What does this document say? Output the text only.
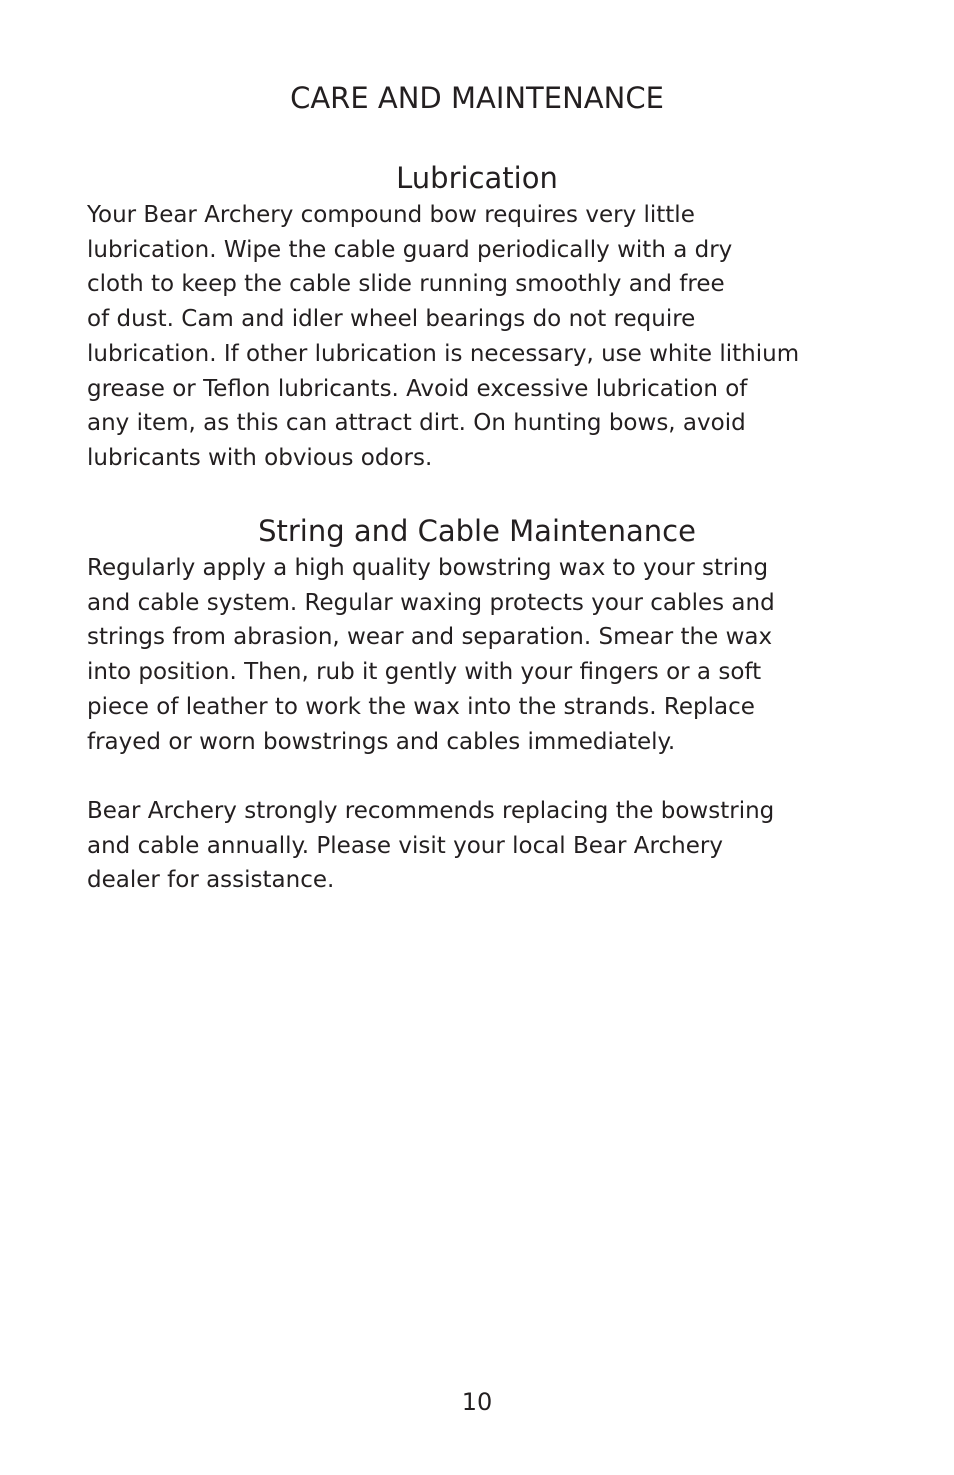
CARE AND MAINTENANCE
Lubrication

Your Bear Archery compound bow requires very little
lubrication. Wipe the cable guard periodically with a dry
cloth to keep the cable slide running smoothly and free
of dust. Cam and idler wheel bearings do not require
lubrication. If other lubrication is necessary, use white lithium
grease or Teflon lubricants. Avoid excessive lubrication of
any item, as this can attract dirt. On hunting bows, avoid
lubricants with obvious odors.

String and Cable Maintenance

Regularly apply a high quality bowstring wax to your string
and cable system. Regular waxing protects your cables and
strings from abrasion, wear and separation. Smear the wax
into position. Then, rub it gently with your fingers or a soft
piece of leather to work the wax into the strands. Replace
frayed or worn bowstrings and cables immediately.

Bear Archery strongly recommends replacing the bowstring
and cable annually. Please visit your local Bear Archery
dealer for assistance.

10
